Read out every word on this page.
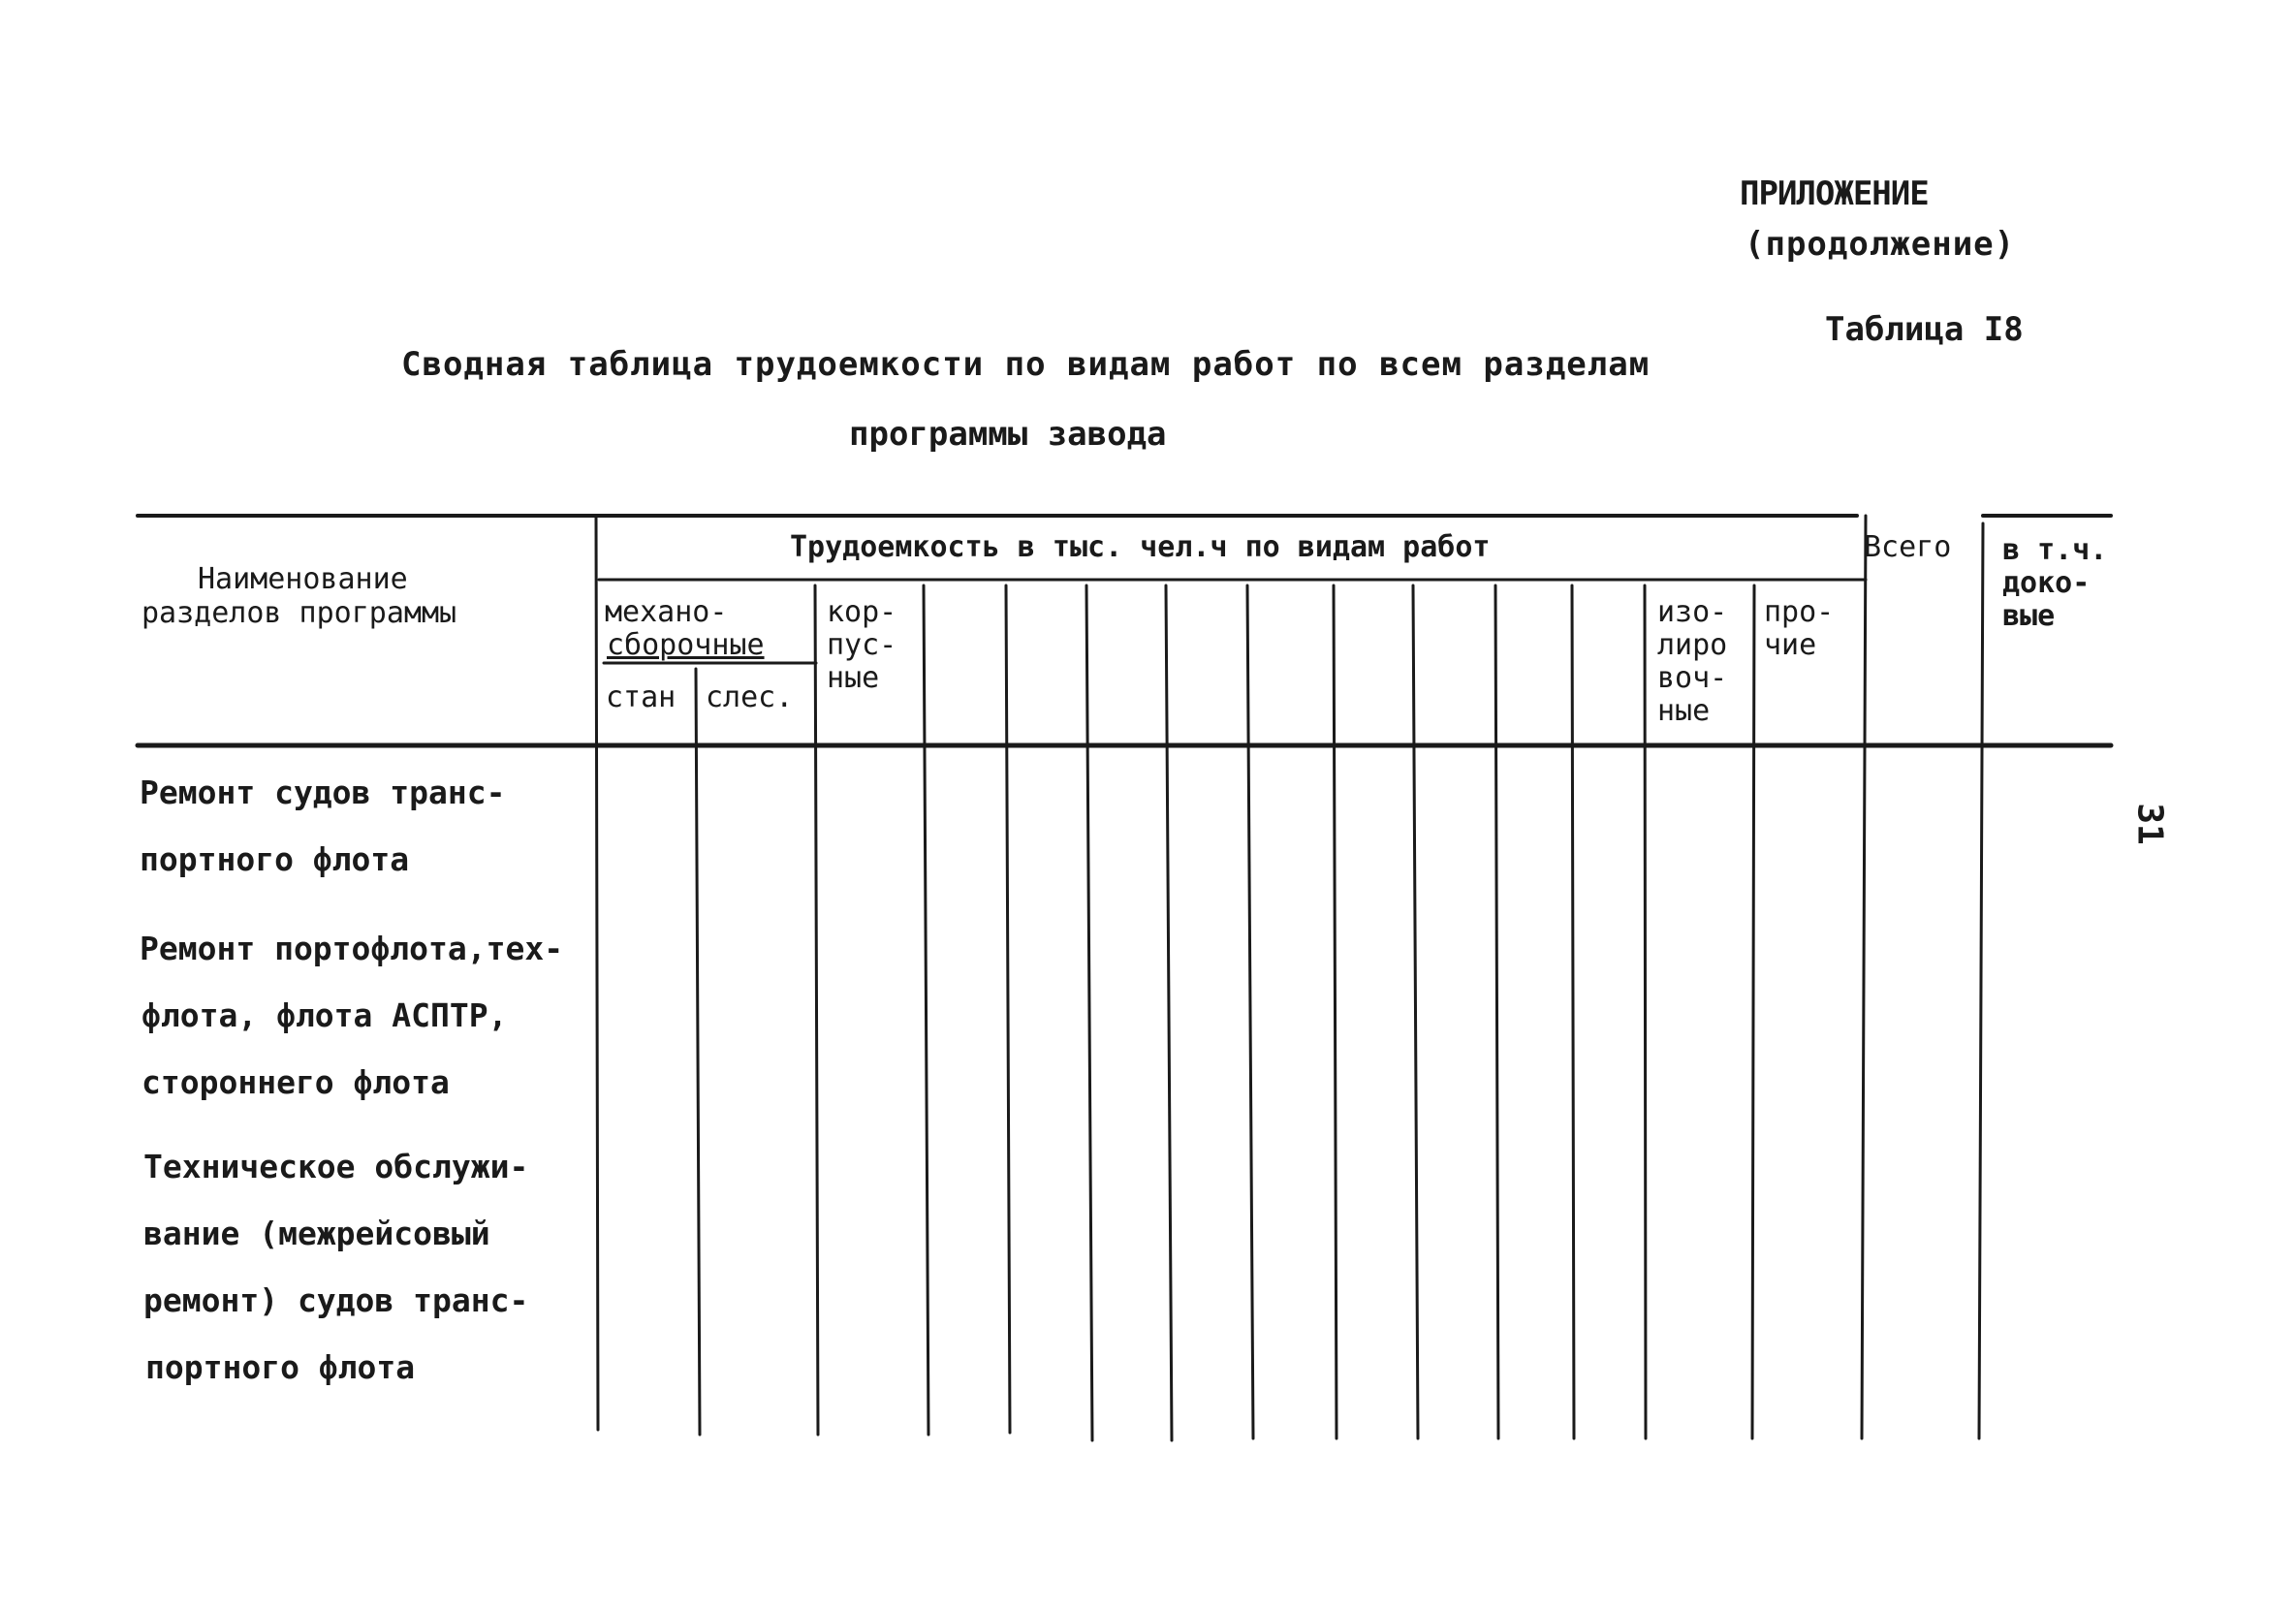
ПРИЛОЖЕНИЕ
(продолжение)
Таблица I8
Сводная таблица трудоемкости по видам работ по всем разделам
программы завода
Наименование
разделов программы
Трудоемкость в тыс. чел.ч по видам работ
механо-
сборочные
стан слес.
кор-
пус-
ные
изо-
лиро
воч-
ные
про-
чие
Всего в т.ч.
доко-
вые
Ремонт судов транс-
портного флота
Ремонт портофлота,тех-
флота, флота АСПТР,
стороннего флота
Техническое обслужи-
вание (межрейсовый
ремонт) судов транс-
портного флота
31
